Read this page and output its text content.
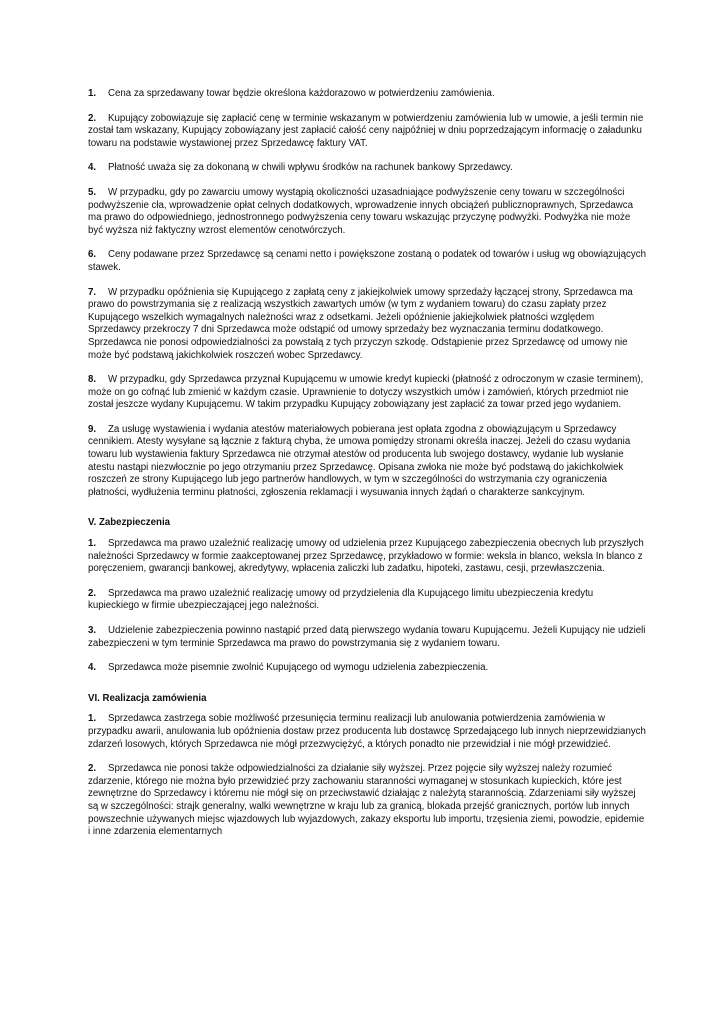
1. Cena za sprzedawany towar będzie określona każdorazowo w potwierdzeniu zamówienia.

2. Kupujący zobowiązuje się zapłacić cenę w terminie wskazanym w potwierdzeniu zamówienia lub w umowie, a jeśli termin nie został tam wskazany, Kupujący zobowiązany jest zapłacić całość ceny najpóźniej w dniu poprzedzającym informację o załadunku towaru na podstawie wystawionej przez Sprzedawcę faktury VAT.

4. Płatność uważa się za dokonaną w chwili wpływu środków na rachunek bankowy Sprzedawcy.

5. W przypadku, gdy po zawarciu umowy wystąpią okoliczności uzasadniające podwyższenie ceny towaru w szczególności podwyższenie cła, wprowadzenie opłat celnych dodatkowych, wprowadzenie innych obciążeń publicznoprawnych, Sprzedawca ma prawo do odpowiedniego, jednostronnego podwyższenia ceny towaru wskazując przyczynę podwyżki. Podwyżka nie może być wyższa niż faktyczny wzrost elementów cenotwórczych.

6. Ceny podawane przez Sprzedawcę są cenami netto i powiększone zostaną o podatek od towarów i usług wg obowiązujących stawek.

7. W przypadku opóźnienia się Kupującego z zapłatą ceny z jakiejkolwiek umowy sprzedaży łączącej strony, Sprzedawca ma prawo do powstrzymania się z realizacją wszystkich zawartych umów (w tym z wydaniem towaru) do czasu zapłaty przez Kupującego wszelkich wymagalnych należności wraz z odsetkami. Jeżeli opóźnienie jakiejkolwiek płatności względem Sprzedawcy przekroczy 7 dni Sprzedawca może odstąpić od umowy sprzedaży bez wyznaczania terminu dodatkowego. Sprzedawca nie ponosi odpowiedzialności za powstałą z tych przyczyn szkodę. Odstąpienie przez Sprzedawcę od umowy nie może być podstawą jakichkolwiek roszczeń wobec Sprzedawcy.

8. W przypadku, gdy Sprzedawca przyznał Kupującemu w umowie kredyt kupiecki (płatność z odroczonym w czasie terminem), może on go cofnąć lub zmienić w każdym czasie. Uprawnienie to dotyczy wszystkich umów i zamówień, których przedmiot nie został jeszcze wydany Kupującemu. W takim przypadku Kupujący zobowiązany jest zapłacić za towar przed jego wydaniem.

9. Za usługę wystawienia i wydania atestów materiałowych pobierana jest opłata zgodna z obowiązującym u Sprzedawcy cennikiem. Atesty wysyłane są łącznie z fakturą chyba, że umowa pomiędzy stronami określa inaczej. Jeżeli do czasu wydania towaru lub wystawienia faktury Sprzedawca nie otrzymał atestów od producenta lub swojego dostawcy, wydanie lub wysłanie atestu nastąpi niezwłocznie po jego otrzymaniu przez Sprzedawcę. Opisana zwłoka nie może być podstawą do jakichkolwiek roszczeń ze strony Kupującego lub jego partnerów handlowych, w tym w szczególności do wstrzymania czy ograniczenia płatności, wydłużenia terminu płatności, zgłoszenia reklamacji i wysuwania innych żądań o charakterze sankcyjnym.

V. Zabezpieczenia

1. Sprzedawca ma prawo uzależnić realizację umowy od udzielenia przez Kupującego zabezpieczenia obecnych lub przyszłych należności Sprzedawcy w formie zaakceptowanej przez Sprzedawcę, przykładowo w formie: weksla in blanco, weksla In blanco z poręczeniem, gwarancji bankowej, akredytywy, wpłacenia zaliczki lub zadatku, hipoteki, zastawu, cesji, przewłaszczenia.

2. Sprzedawca ma prawo uzależnić realizację umowy od przydzielenia dla Kupującego limitu ubezpieczenia kredytu kupieckiego w firmie ubezpieczającej jego należności.

3. Udzielenie zabezpieczenia powinno nastąpić przed datą pierwszego wydania towaru Kupującemu. Jeżeli Kupujący nie udzieli zabezpieczeni w tym terminie Sprzedawca ma prawo do powstrzymania się z wydaniem towaru.

4. Sprzedawca może pisemnie zwolnić Kupującego od wymogu udzielenia zabezpieczenia.

VI. Realizacja zamówienia

1. Sprzedawca zastrzega sobie możliwość przesunięcia terminu realizacji lub anulowania potwierdzenia zamówienia w przypadku awarii, anulowania lub opóźnienia dostaw przez producenta lub dostawcę Sprzedającego lub innych nieprzewidzianych zdarzeń losowych, których Sprzedawca nie mógł przezwyciężyć, a których ponadto nie przewidział i nie mógł przewidzieć.

2. Sprzedawca nie ponosi także odpowiedzialności za działanie siły wyższej. Przez pojęcie siły wyższej należy rozumieć zdarzenie, którego nie można było przewidzieć przy zachowaniu staranności wymaganej w stosunkach kupieckich, które jest zewnętrzne do Sprzedawcy i któremu nie mógł się on przeciwstawić działając z należytą starannością. Zdarzeniami siły wyższej są w szczególności: strajk generalny, walki wewnętrzne w kraju lub za granicą, blokada przejść granicznych, portów lub innych powszechnie używanych miejsc wjazdowych lub wyjazdowych, zakazy eksportu lub importu, trzęsienia ziemi, powodzie, epidemie i inne zdarzenia elementarnych
